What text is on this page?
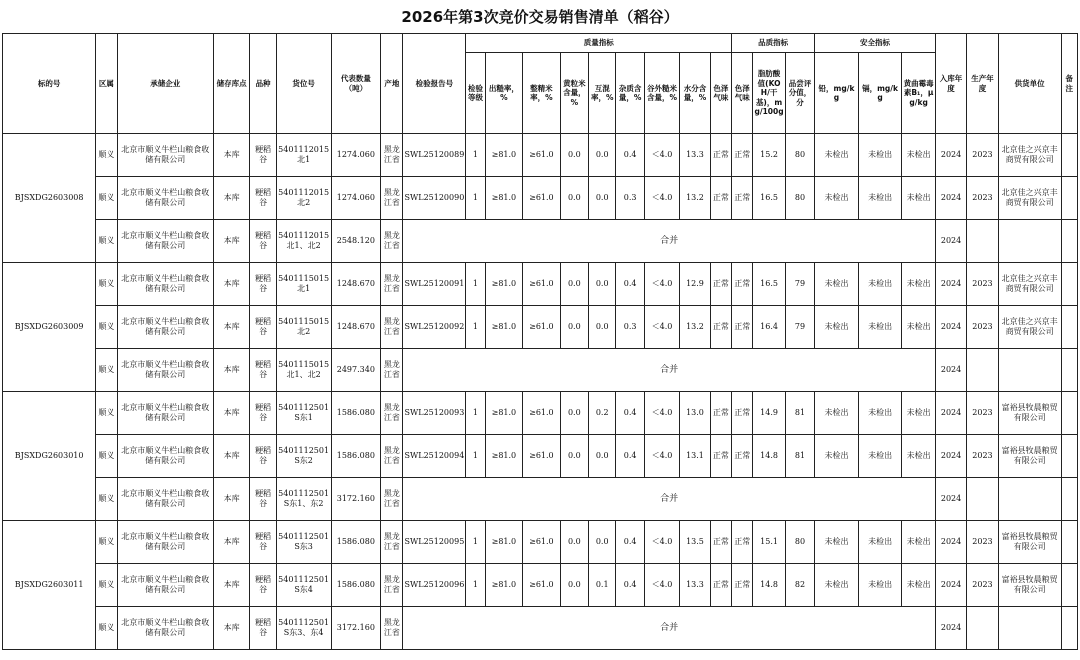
2026年第3次竞价交易销售清单（稻谷）
标的号	区属	承储企业	储存库点	品种	货位号	代表数量（吨）	产地	检验报告号	质量指标									品质指标			安全指标			入库年度	生产年度	供货单位	备注
									检验等级	出糙率，%	整精米率，%	黄粒米含量，%	互混率，%	杂质含量，%	谷外糙米含量，%	水分含量，%	色泽气味	色泽气味	脂肪酸值(KOH/干基)，mg/100g	品尝评分值，分	铅，mg/kg	镉，mg/kg	黄曲霉毒素B₁，μg/kg				
BJSXDG2603008	顺义	北京市顺义牛栏山粮食收储有限公司	本库	粳稻谷	5401112015北1	1274.060	黑龙江省	SWL25120089	1	≥81.0	≥61.0	0.0	0.0	0.4	＜4.0	13.3	正常	正常	15.2	80	未检出	未检出	未检出	2024	2023	北京佳之兴京丰商贸有限公司	
	顺义	北京市顺义牛栏山粮食收储有限公司	本库	粳稻谷	5401112015北2	1274.060	黑龙江省	SWL25120090	1	≥81.0	≥61.0	0.0	0.0	0.3	＜4.0	13.2	正常	正常	16.5	80	未检出	未检出	未检出	2024	2023	北京佳之兴京丰商贸有限公司	
	顺义	北京市顺义牛栏山粮食收储有限公司	本库	粳稻谷	5401112015北1、北2	2548.120	黑龙江省	合并																2024			
BJSXDG2603009	顺义	北京市顺义牛栏山粮食收储有限公司	本库	粳稻谷	5401115015北1	1248.670	黑龙江省	SWL25120091	1	≥81.0	≥61.0	0.0	0.0	0.4	＜4.0	12.9	正常	正常	16.5	79	未检出	未检出	未检出	2024	2023	北京佳之兴京丰商贸有限公司	
	顺义	北京市顺义牛栏山粮食收储有限公司	本库	粳稻谷	5401115015北2	1248.670	黑龙江省	SWL25120092	1	≥81.0	≥61.0	0.0	0.0	0.3	＜4.0	13.2	正常	正常	16.4	79	未检出	未检出	未检出	2024	2023	北京佳之兴京丰商贸有限公司	
	顺义	北京市顺义牛栏山粮食收储有限公司	本库	粳稻谷	5401115015北1、北2	2497.340	黑龙江省	合并																2024			
BJSXDG2603010	顺义	北京市顺义牛栏山粮食收储有限公司	本库	粳稻谷	5401112501S东1	1586.080	黑龙江省	SWL25120093	1	≥81.0	≥61.0	0.0	0.2	0.4	＜4.0	13.0	正常	正常	14.9	81	未检出	未检出	未检出	2024	2023	富裕县牧晨粮贸有限公司	
	顺义	北京市顺义牛栏山粮食收储有限公司	本库	粳稻谷	5401112501S东2	1586.080	黑龙江省	SWL25120094	1	≥81.0	≥61.0	0.0	0.0	0.4	＜4.0	13.1	正常	正常	14.8	81	未检出	未检出	未检出	2024	2023	富裕县牧晨粮贸有限公司	
	顺义	北京市顺义牛栏山粮食收储有限公司	本库	粳稻谷	5401112501S东1、东2	3172.160	黑龙江省	合并																2024			
BJSXDG2603011	顺义	北京市顺义牛栏山粮食收储有限公司	本库	粳稻谷	5401112501S东3	1586.080	黑龙江省	SWL25120095	1	≥81.0	≥61.0	0.0	0.0	0.4	＜4.0	13.5	正常	正常	15.1	80	未检出	未检出	未检出	2024	2023	富裕县牧晨粮贸有限公司	
	顺义	北京市顺义牛栏山粮食收储有限公司	本库	粳稻谷	5401112501S东4	1586.080	黑龙江省	SWL25120096	1	≥81.0	≥61.0	0.0	0.1	0.4	＜4.0	13.3	正常	正常	14.8	82	未检出	未检出	未检出	2024	2023	富裕县牧晨粮贸有限公司	
	顺义	北京市顺义牛栏山粮食收储有限公司	本库	粳稻谷	5401112501S东3、东4	3172.160	黑龙江省	合并																2024			
